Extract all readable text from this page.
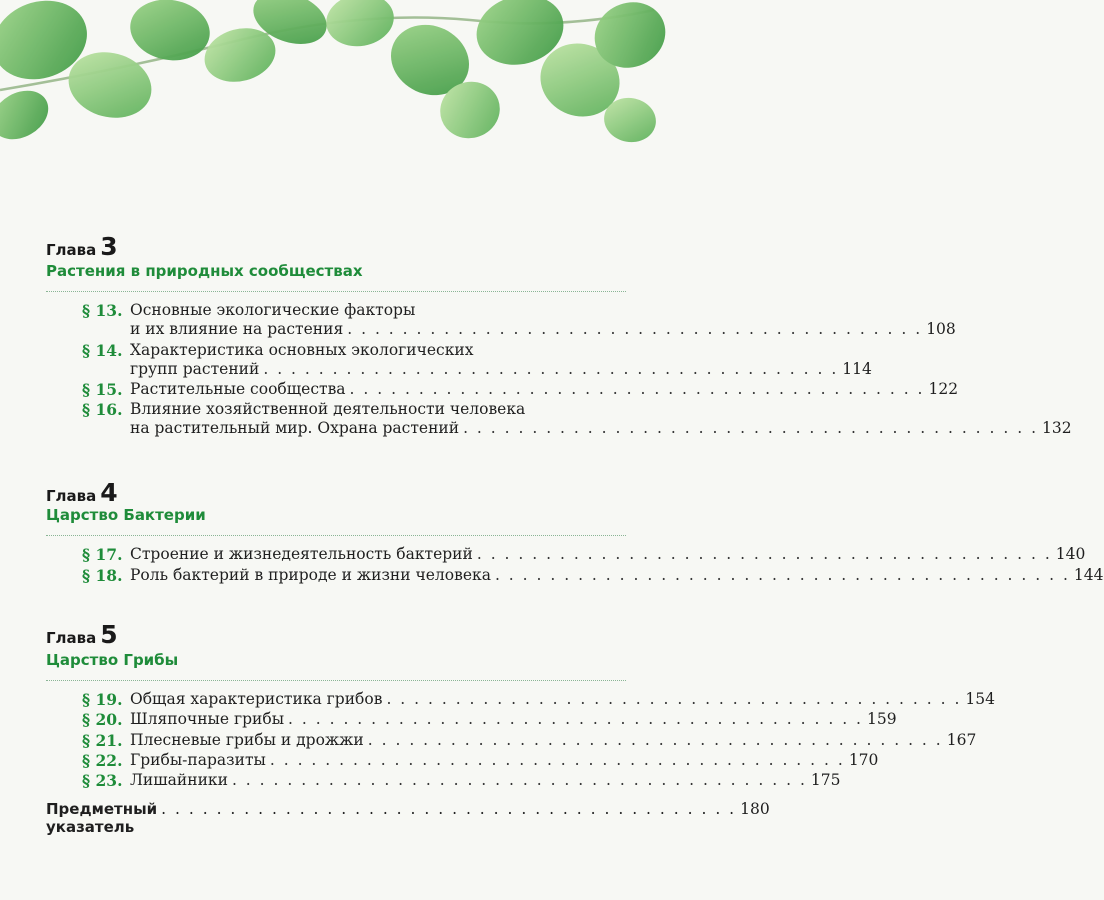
Глава 3
Растения в природных сообществах
§ 13. Основные экологические факторы
и их влияние на растения . . . . . . . . . . . . . . . . . . . . . . . . . . . . . . . . . . . . . . . . . . 108
§ 14. Характеристика основных экологических
групп растений . . . . . . . . . . . . . . . . . . . . . . . . . . . . . . . . . . . . . . . . . . 114
§ 15. Растительные сообщества . . . . . . . . . . . . . . . . . . . . . . . . . . . . . . . . . . . . . . . . . . 122
§ 16. Влияние хозяйственной деятельности человека
на растительный мир. Охрана растений . . . . . . . . . . . . . . . . . . . . . . . . . . . . . . . . . . . . . . . . . . 132
Глава 4
Царство Бактерии
§ 17. Строение и жизнедеятельность бактерий . . . . . . . . . . . . . . . . . . . . . . . . . . . . . . . . . . . . . . . . . . 140
§ 18. Роль бактерий в природе и жизни человека . . . . . . . . . . . . . . . . . . . . . . . . . . . . . . . . . . . . . . . . . . 144
Глава 5
Царство Грибы
§ 19. Общая характеристика грибов . . . . . . . . . . . . . . . . . . . . . . . . . . . . . . . . . . . . . . . . . . 154
§ 20. Шляпочные грибы . . . . . . . . . . . . . . . . . . . . . . . . . . . . . . . . . . . . . . . . . . 159
§ 21. Плесневые грибы и дрожжи . . . . . . . . . . . . . . . . . . . . . . . . . . . . . . . . . . . . . . . . . . 167
§ 22. Грибы-паразиты . . . . . . . . . . . . . . . . . . . . . . . . . . . . . . . . . . . . . . . . . . 170
§ 23. Лишайники . . . . . . . . . . . . . . . . . . . . . . . . . . . . . . . . . . . . . . . . . . 175
Предметный указатель
. . . . . . . . . . . . . . . . . . . . . . . . . . . . . . . . . . . . . . . . . . 180
